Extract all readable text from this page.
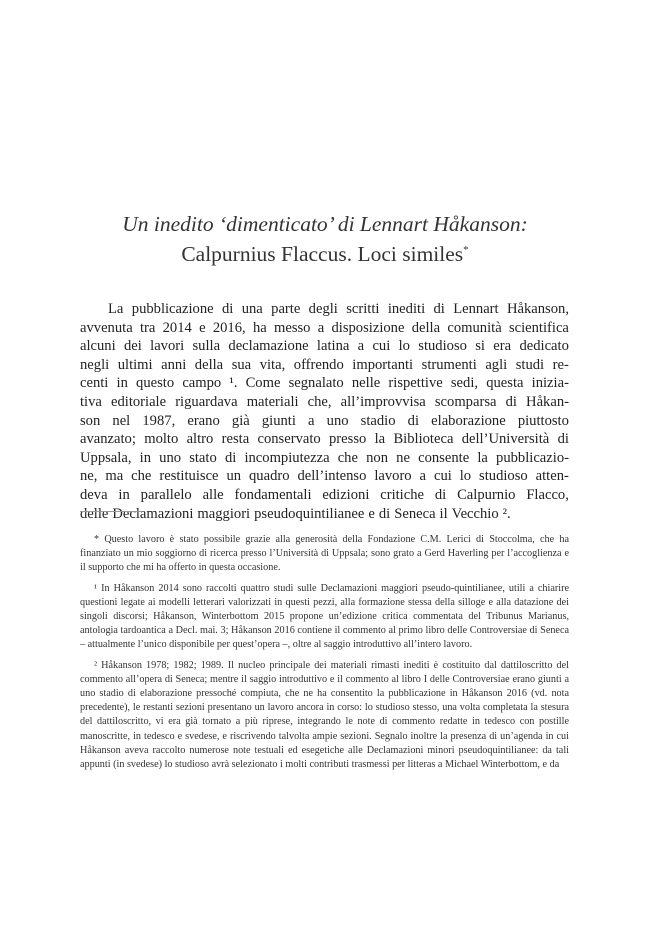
Un inedito ‘dimenticato’ di Lennart Håkanson:
Calpurnius Flaccus. Loci similes*
La pubblicazione di una parte degli scritti inediti di Lennart Håkanson,
avvenuta tra 2014 e 2016, ha messo a disposizione della comunità scientifica
alcuni dei lavori sulla declamazione latina a cui lo studioso si era dedicato
negli ultimi anni della sua vita, offrendo importanti strumenti agli studi re-
centi in questo campo ¹. Come segnalato nelle rispettive sedi, questa inizia-
tiva editoriale riguardava materiali che, all’improvvisa scomparsa di Håkan-
son nel 1987, erano già giunti a uno stadio di elaborazione piuttosto
avanzato; molto altro resta conservato presso la Biblioteca dell’Università di
Uppsala, in uno stato di incompiutezza che non ne consente la pubblicazio-
ne, ma che restituisce un quadro dell’intenso lavoro a cui lo studioso atten-
deva in parallelo alle fondamentali edizioni critiche di Calpurnio Flacco,
delle Declamazioni maggiori pseudoquintilianee e di Seneca il Vecchio ².
* Questo lavoro è stato possibile grazie alla generosità della Fondazione C.M. Lerici di Stoccolma, che ha finanziato un mio soggiorno di ricerca presso l’Università di Uppsala; sono grato a Gerd Haverling per l’accoglienza e il supporto che mi ha offerto in questa occasione.
¹ In Håkanson 2014 sono raccolti quattro studi sulle Declamazioni maggiori pseudo-quintilianee, utili a chiarire questioni legate ai modelli letterari valorizzati in questi pezzi, alla formazione stessa della silloge e alla datazione dei singoli discorsi; Håkanson, Winterbottom 2015 propone un’edizione critica commentata del Tribunus Marianus, antologia tardoantica a Decl. mai. 3; Håkanson 2016 contiene il commento al primo libro delle Controversiae di Seneca – attualmente l’unico disponibile per quest’opera –, oltre al saggio introduttivo all’intero lavoro.
² Håkanson 1978; 1982; 1989. Il nucleo principale dei materiali rimasti inediti è costituito dal dattiloscritto del commento all’opera di Seneca; mentre il saggio introduttivo e il commento al libro I delle Controversiae erano giunti a uno stadio di elaborazione pressoché compiuta, che ne ha consentito la pubblicazione in Håkanson 2016 (vd. nota precedente), le restanti sezioni presentano un lavoro ancora in corso: lo studioso stesso, una volta completata la stesura del dattiloscritto, vi era già tornato a più riprese, integrando le note di commento redatte in tedesco con postille manoscritte, in tedesco e svedese, e riscrivendo talvolta ampie sezioni. Segnalo inoltre la presenza di un’agenda in cui Håkanson aveva raccolto numerose note testuali ed esegetiche alle Declamazioni minori pseudoquintilianee: da tali appunti (in svedese) lo studioso avrà selezionato i molti contributi trasmessi per litteras a Michael Winterbottom, e da
